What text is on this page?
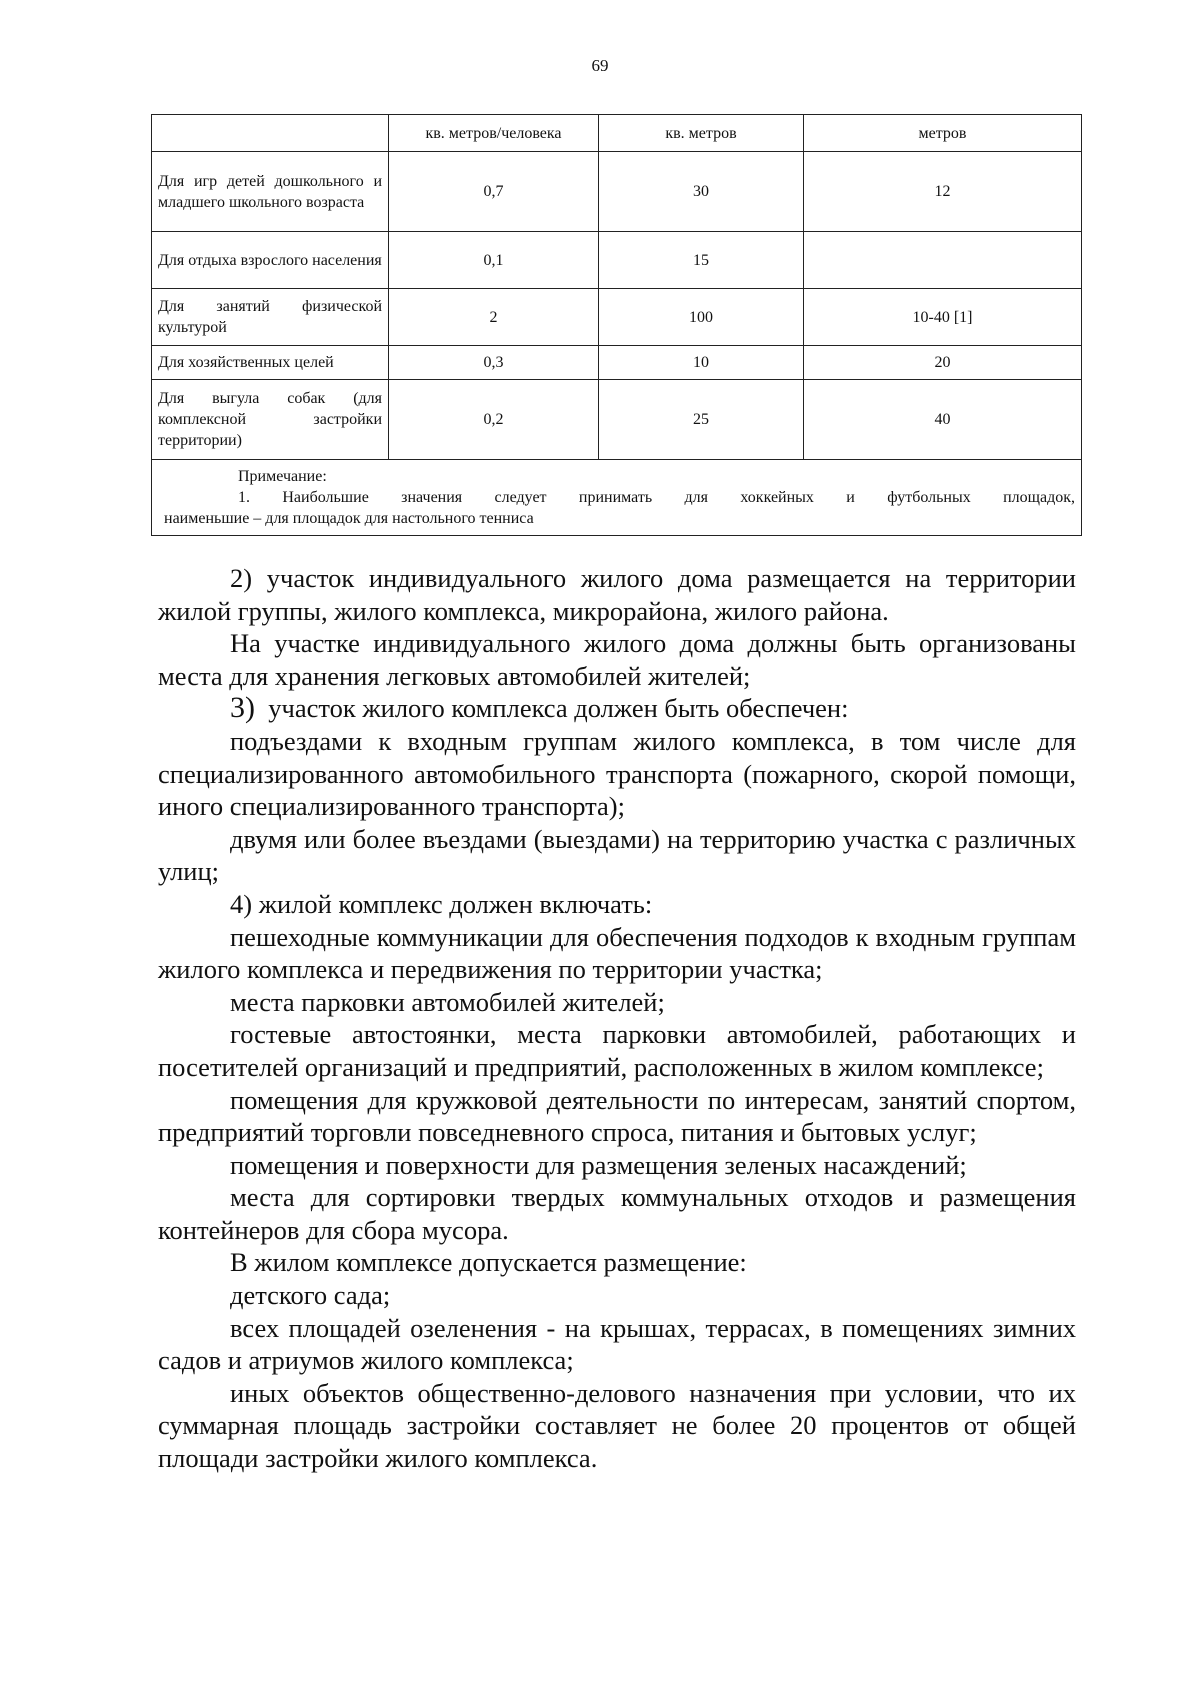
69
	кв. метров/человека	кв. метров	метров
Для игр детей дошкольного и младшего школьного возраста	0,7	30	12
Для отдыха взрослого населения	0,1	15	
Для занятий физической культурой	2	100	10-40 [1]
Для хозяйственных целей	0,3	10	20
Для выгула собак (для комплексной застройки территории)	0,2	25	40

Примечание:
1. Наибольшие значения следует принимать для хоккейных и футбольных площадок,
наименьшие – для площадок для настольного тенниса			

2) участок индивидуального жилого дома размещается на территории жилой группы, жилого комплекса, микрорайона, жилого района.

На участке индивидуального жилого дома должны быть организованы места для хранения легковых автомобилей жителей;

3) участок жилого комплекса должен быть обеспечен:

подъездами к входным группам жилого комплекса, в том числе для специализированного автомобильного транспорта (пожарного, скорой помощи, иного специализированного транспорта);

двумя или более въездами (выездами) на территорию участка с различных улиц;

4) жилой комплекс должен включать:

пешеходные коммуникации для обеспечения подходов к входным группам жилого комплекса и передвижения по территории участка;

места парковки автомобилей жителей;

гостевые автостоянки, места парковки автомобилей, работающих и посетителей организаций и предприятий, расположенных в жилом комплексе;

помещения для кружковой деятельности по интересам, занятий спортом, предприятий торговли повседневного спроса, питания и бытовых услуг;

помещения и поверхности для размещения зеленых насаждений;

места для сортировки твердых коммунальных отходов и размещения контейнеров для сбора мусора.

В жилом комплексе допускается размещение:

детского сада;

всех площадей озеленения - на крышах, террасах, в помещениях зимних садов и атриумов жилого комплекса;

иных объектов общественно-делового назначения при условии, что их суммарная площадь застройки составляет не более 20 процентов от общей площади застройки жилого комплекса.
